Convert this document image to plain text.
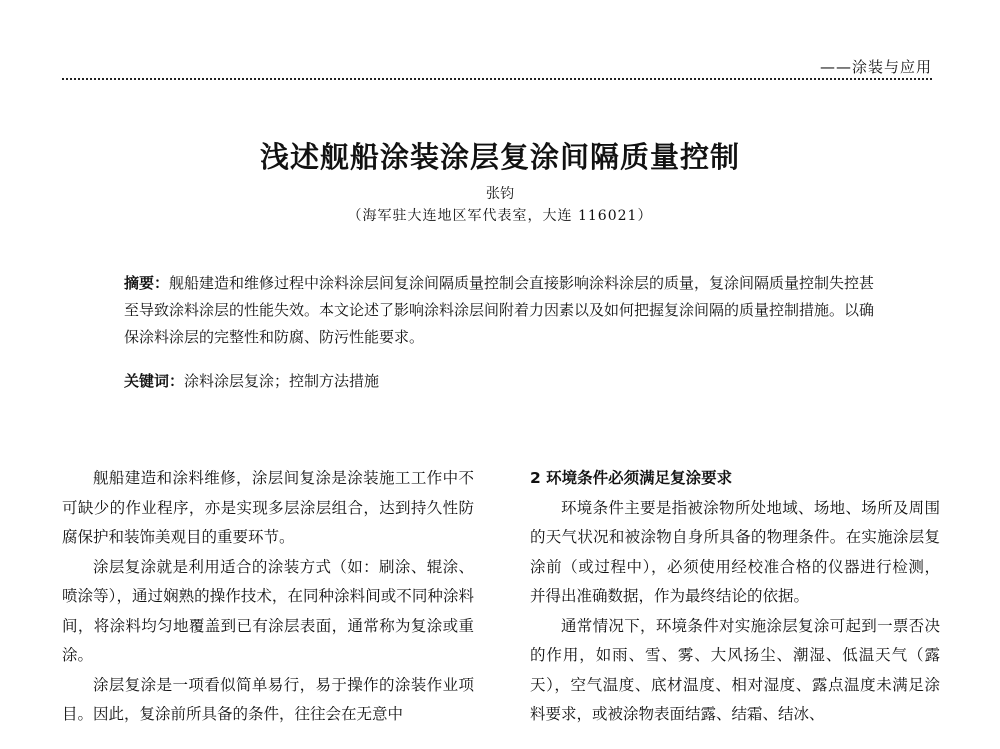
——涂装与应用
浅述舰船涂装涂层复涂间隔质量控制
张钧
（海军驻大连地区军代表室，大连 116021）
摘要：舰船建造和维修过程中涂料涂层间复涂间隔质量控制会直接影响涂料涂层的质量，复涂间隔质量控制失控甚至导致涂料涂层的性能失效。本文论述了影响涂料涂层间附着力因素以及如何把握复涂间隔的质量控制措施。以确保涂料涂层的完整性和防腐、防污性能要求。
关键词：涂料涂层复涂；控制方法措施

舰船建造和涂料维修，涂层间复涂是涂装施工工作中不可缺少的作业程序，亦是实现多层涂层组合，达到持久性防腐保护和装饰美观目的重要环节。

涂层复涂就是利用适合的涂装方式（如：刷涂、辊涂、喷涂等），通过娴熟的操作技术，在同种涂料间或不同种涂料间，将涂料均匀地覆盖到已有涂层表面，通常称为复涂或重涂。

涂层复涂是一项看似简单易行，易于操作的涂装作业项目。因此，复涂前所具备的条件，往往会在无意中

2 环境条件必须满足复涂要求

环境条件主要是指被涂物所处地域、场地、场所及周围的天气状况和被涂物自身所具备的物理条件。在实施涂层复涂前（或过程中），必须使用经校准合格的仪器进行检测，并得出准确数据，作为最终结论的依据。

通常情况下，环境条件对实施涂层复涂可起到一票否决的作用，如雨、雪、雾、大风扬尘、潮湿、低温天气（露天），空气温度、底材温度、相对湿度、露点温度未满足涂料要求，或被涂物表面结露、结霜、结冰、
